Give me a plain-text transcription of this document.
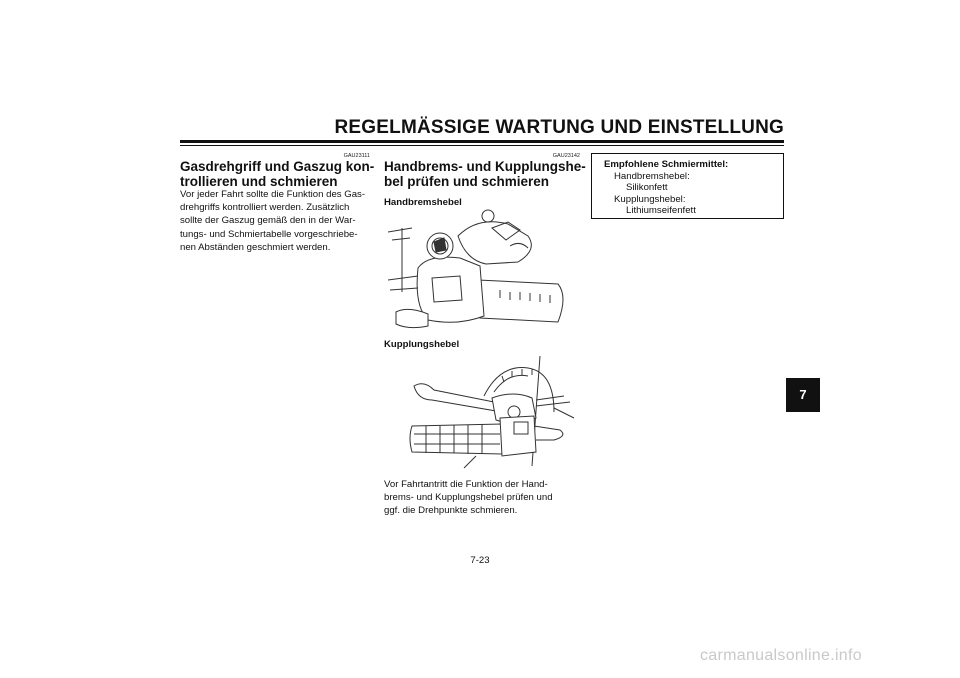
REGELMÄSSIGE WARTUNG UND EINSTELLUNG
GAU23111
Gasdrehgriff und Gaszug kon-
trollieren und schmieren
Vor jeder Fahrt sollte die Funktion des Gas-
drehgriffs kontrolliert werden. Zusätzlich
sollte der Gaszug gemäß den in der War-
tungs- und Schmiertabelle vorgeschriebe-
nen Abständen geschmiert werden.
GAU23142
Handbrems- und Kupplungshe-
bel prüfen und schmieren
Handbremshebel
Kupplungshebel
Vor Fahrtantritt die Funktion der Hand-
brems- und Kupplungshebel prüfen und
ggf. die Drehpunkte schmieren.
Empfohlene Schmiermittel:
Handbremshebel:
Silikonfett
Kupplungshebel:
Lithiumseifenfett
7
7-23
carmanualsonline.info
